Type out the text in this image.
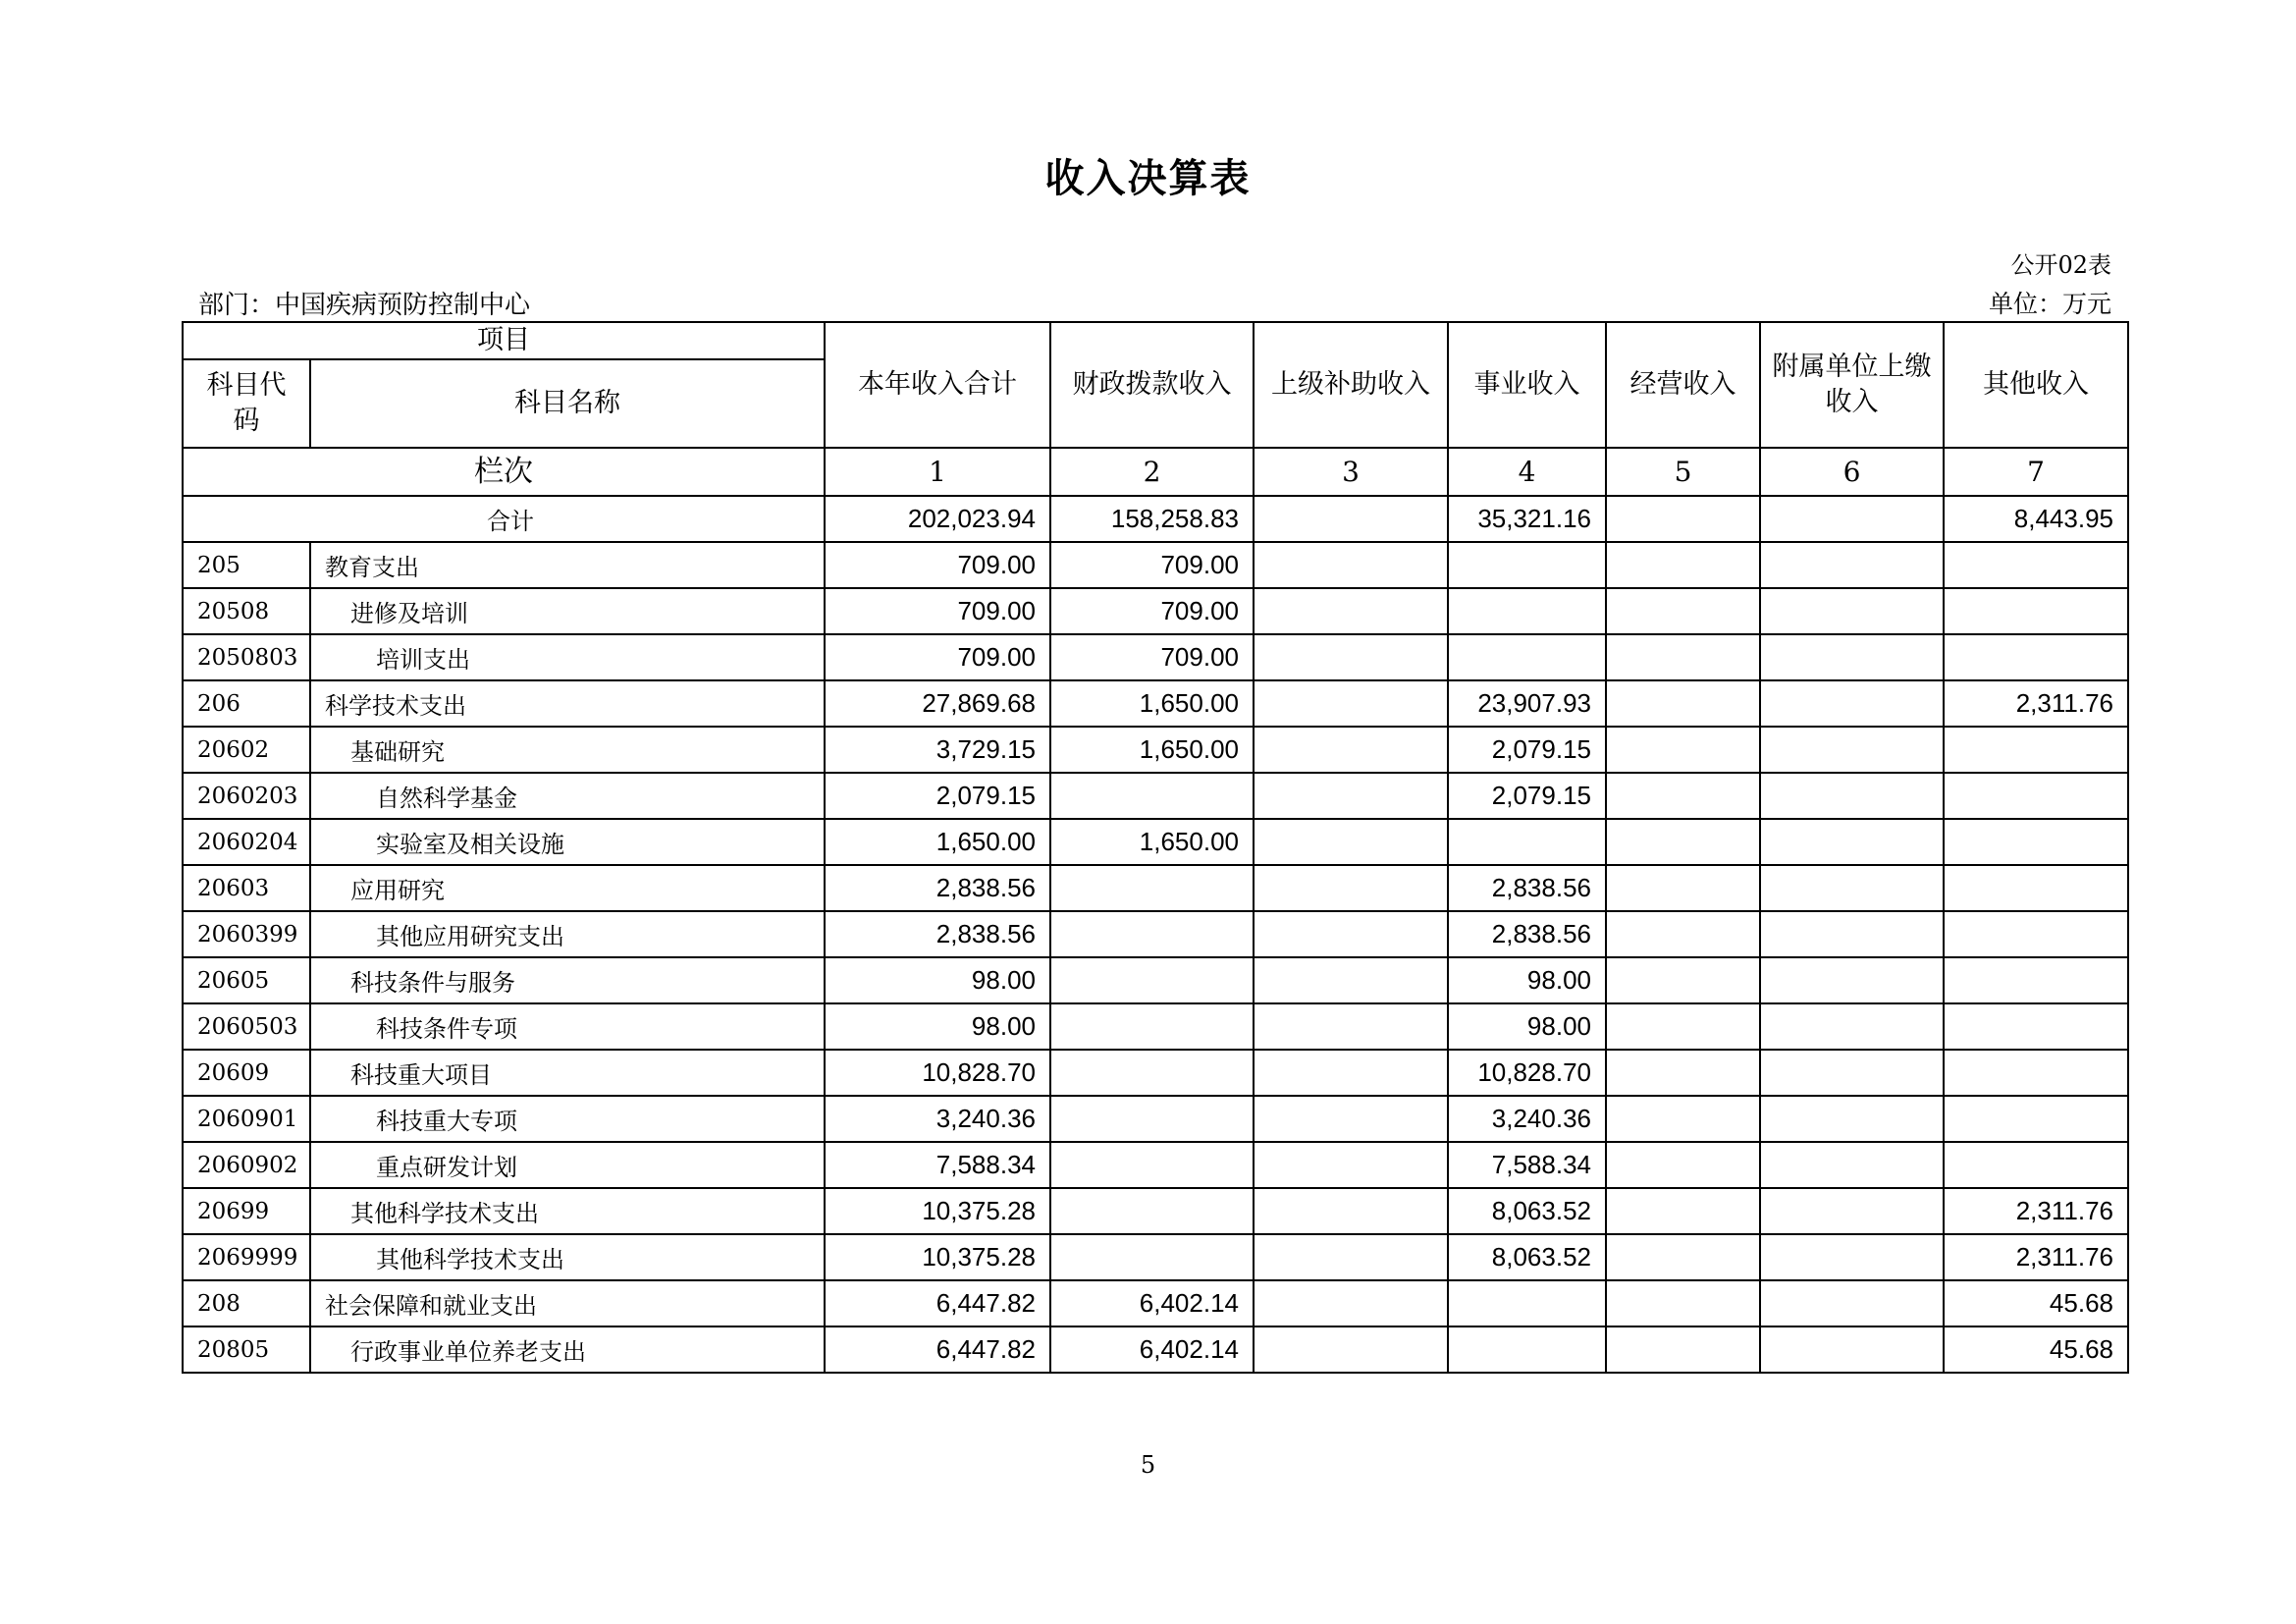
收入决算表
公开02表
部门：中国疾病预防控制中心	单位：万元
项目		本年收入合计	财政拨款收入	上级补助收入	事业收入	经营收入	附属单位上缴收入	其他收入
科目代码	科目名称							
栏次		1	2	3	4	5	6	7
合计		202,023.94	158,258.83		35,321.16			8,443.95
205	教育支出	709.00	709.00					
20508	进修及培训	709.00	709.00					
2050803	培训支出	709.00	709.00					
206	科学技术支出	27,869.68	1,650.00		23,907.93			2,311.76
20602	基础研究	3,729.15	1,650.00		2,079.15			
2060203	自然科学基金	2,079.15			2,079.15			
2060204	实验室及相关设施	1,650.00	1,650.00					
20603	应用研究	2,838.56			2,838.56			
2060399	其他应用研究支出	2,838.56			2,838.56			
20605	科技条件与服务	98.00			98.00			
2060503	科技条件专项	98.00			98.00			
20609	科技重大项目	10,828.70			10,828.70			
2060901	科技重大专项	3,240.36			3,240.36			
2060902	重点研发计划	7,588.34			7,588.34			
20699	其他科学技术支出	10,375.28			8,063.52			2,311.76
2069999	其他科学技术支出	10,375.28			8,063.52			2,311.76
208	社会保障和就业支出	6,447.82	6,402.14					45.68
20805	行政事业单位养老支出	6,447.82	6,402.14					45.68
5
